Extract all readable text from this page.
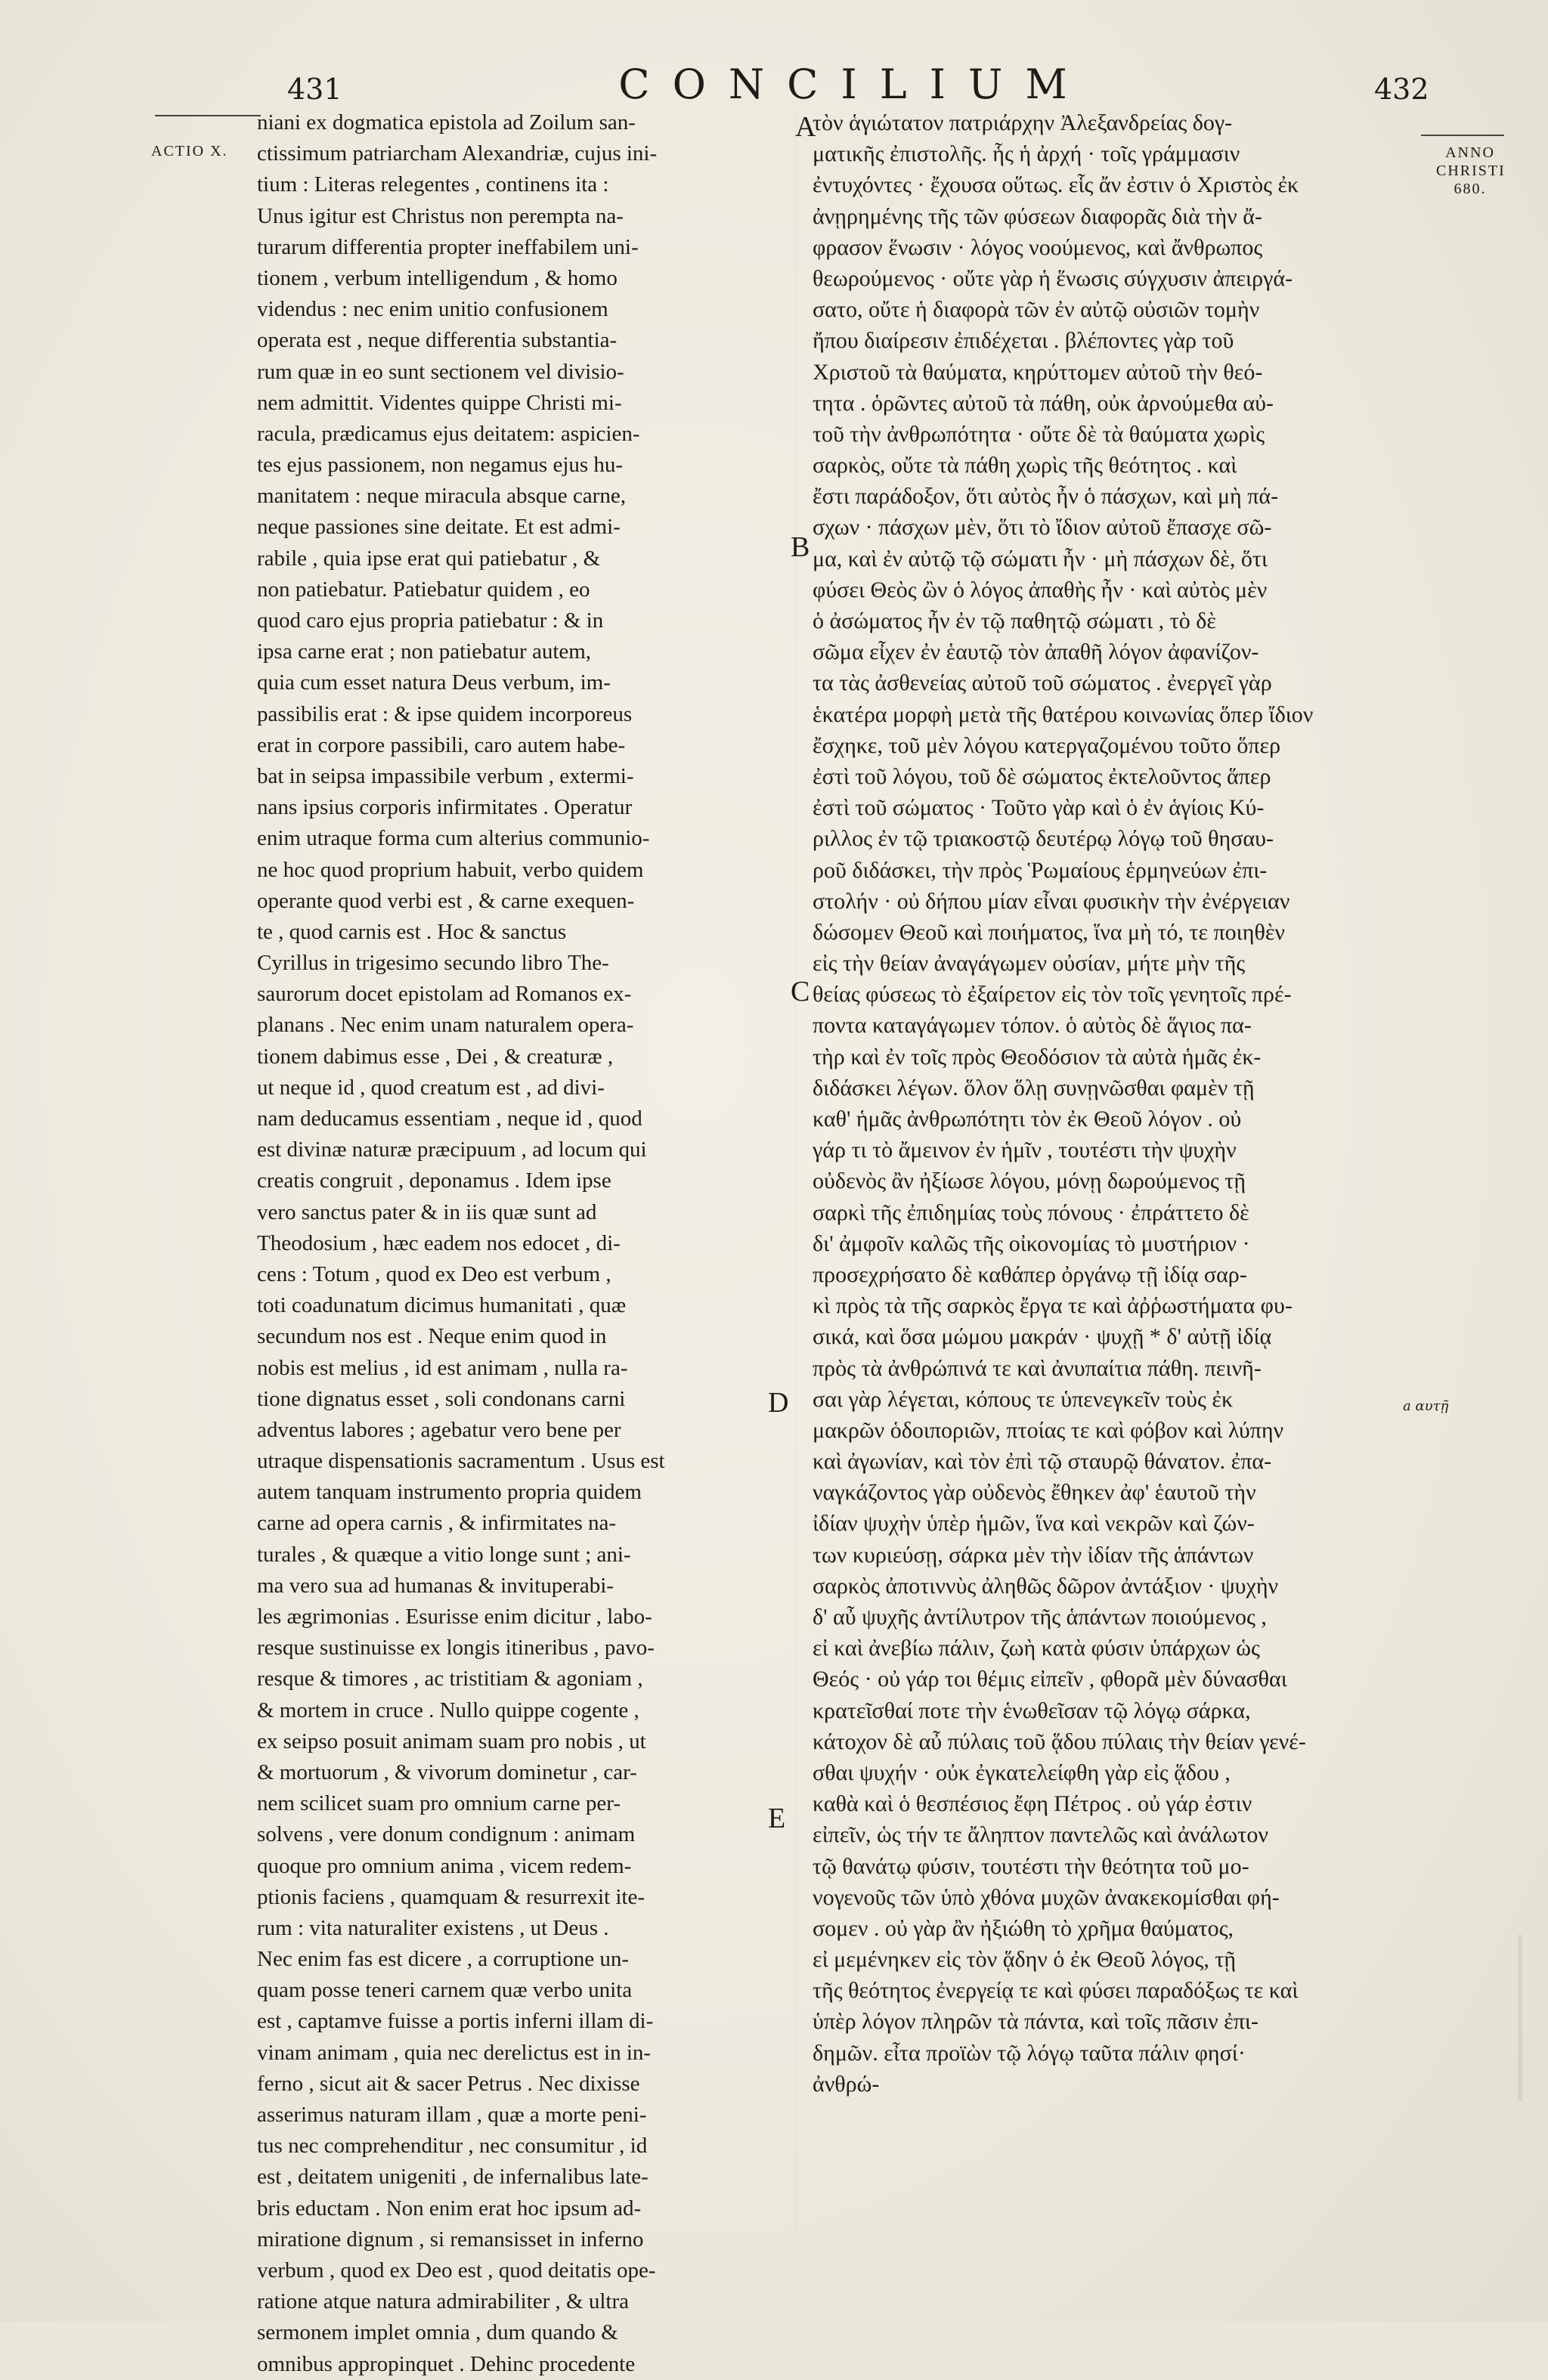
431	CONCILIUM	432
ACTIO X.	ANNO
CHRISTI
680.
niani ex dogmatica epistola ad Zoilum san-
ctissimum patriarcham Alexandriæ, cujus ini-
tium : Literas relegentes , continens ita :
Unus igitur est Christus non perempta na-
turarum differentia propter ineffabilem uni-
tionem , verbum intelligendum , & homo
videndus : nec enim unitio confusionem
operata est , neque differentia substantia-
rum quæ in eo sunt sectionem vel divisio-
nem admittit. Videntes quippe Christi mi-
racula, prædicamus ejus deitatem: aspicien-
tes ejus passionem, non negamus ejus hu-
manitatem : neque miracula absque carne,
neque passiones sine deitate. Et est admi-
rabile , quia ipse erat qui patiebatur , &
non patiebatur. Patiebatur quidem , eo
quod caro ejus propria patiebatur : & in
ipsa carne erat ; non patiebatur autem,
quia cum esset natura Deus verbum, im-
passibilis erat : & ipse quidem incorporeus
erat in corpore passibili, caro autem habe-
bat in seipsa impassibile verbum , extermi-
nans ipsius corporis infirmitates . Operatur
enim utraque forma cum alterius communio-
ne hoc quod proprium habuit, verbo quidem
operante quod verbi est , & carne exequen-
te , quod carnis est . Hoc & sanctus
Cyrillus in trigesimo secundo libro The-
saurorum docet epistolam ad Romanos ex-
planans . Nec enim unam naturalem opera-
tionem dabimus esse , Dei , & creaturæ ,
ut neque id , quod creatum est , ad divi-
nam deducamus essentiam , neque id , quod
est divinæ naturæ præcipuum , ad locum qui
creatis congruit , deponamus . Idem ipse
vero sanctus pater & in iis quæ sunt ad
Theodosium , hæc eadem nos edocet , di-
cens : Totum , quod ex Deo est verbum ,
toti coadunatum dicimus humanitati , quæ
secundum nos est . Neque enim quod in
nobis est melius , id est animam , nulla ra-
tione dignatus esset , soli condonans carni
adventus labores ; agebatur vero bene per
utraque dispensationis sacramentum . Usus est
autem tanquam instrumento propria quidem
carne ad opera carnis , & infirmitates na-
turales , & quæque a vitio longe sunt ; ani-
ma vero sua ad humanas & invituperabi-
les ægrimonias . Esurisse enim dicitur , labo-
resque sustinuisse ex longis itineribus , pavo-
resque & timores , ac tristitiam & agoniam ,
& mortem in cruce . Nullo quippe cogente ,
ex seipso posuit animam suam pro nobis , ut
& mortuorum , & vivorum dominetur , car-
nem scilicet suam pro omnium carne per-
solvens , vere donum condignum : animam
quoque pro omnium anima , vicem redem-
ptionis faciens , quamquam & resurrexit ite-
rum : vita naturaliter existens , ut Deus .
Nec enim fas est dicere , a corruptione un-
quam posse teneri carnem quæ verbo unita
est , captamve fuisse a portis inferni illam di-
vinam animam , quia nec derelictus est in in-
ferno , sicut ait & sacer Petrus . Nec dixisse
asserimus naturam illam , quæ a morte peni-
tus nec comprehenditur , nec consumitur , id
est , deitatem unigeniti , de infernalibus late-
bris eductam . Non enim erat hoc ipsum ad-
miratione dignum , si remansisset in inferno
verbum , quod ex Deo est , quod deitatis ope-
ratione atque natura admirabiliter , & ultra
sermonem implet omnia , dum quando &
omnibus appropinquet . Dehinc procedente
τὸν ἁγιώτατον πατριάρχην Ἀλεξανδρείας δογ-
ματικῆς ἐπιστολῆς. ἧς ἡ ἀρχή · τοῖς γράμμασιν
ἐντυχόντες · ἔχουσα οὕτως. εἷς ἄν ἐστιν ὁ Χριστὸς ἐκ
ἀνῃρημένης τῆς τῶν φύσεων διαφορᾶς διὰ τὴν ἄ-
φρασον ἕνωσιν · λόγος νοούμενος, καὶ ἄνθρωπος
θεωρούμενος · οὔτε γὰρ ἡ ἕνωσις σύγχυσιν ἀπειργά-
σατο, οὔτε ἡ διαφορὰ τῶν ἐν αὐτῷ οὐσιῶν τομὴν
ἤπου διαίρεσιν ἐπιδέχεται . βλέποντες γὰρ τοῦ
Χριστοῦ τὰ θαύματα, κηρύττομεν αὐτοῦ τὴν θεό-
τητα . ὁρῶντες αὐτοῦ τὰ πάθη, οὐκ ἀρνούμεθα αὐ-
τοῦ τὴν ἀνθρωπότητα · οὔτε δὲ τὰ θαύματα χωρὶς
σαρκὸς, οὔτε τὰ πάθη χωρὶς τῆς θεότητος . καὶ
ἔστι παράδοξον, ὅτι αὐτὸς ἦν ὁ πάσχων, καὶ μὴ πά-
σχων · πάσχων μὲν, ὅτι τὸ ἴδιον αὐτοῦ ἔπασχε σῶ-
μα, καὶ ἐν αὐτῷ τῷ σώματι ἦν · μὴ πάσχων δὲ, ὅτι
φύσει Θεὸς ὢν ὁ λόγος ἀπαθὴς ἦν · καὶ αὐτὸς μὲν
ὁ ἀσώματος ἦν ἐν τῷ παθητῷ σώματι , τὸ δὲ
σῶμα εἶχεν ἐν ἑαυτῷ τὸν ἀπαθῆ λόγον ἀφανίζον-
τα τὰς ἀσθενείας αὐτοῦ τοῦ σώματος . ἐνεργεῖ γὰρ
ἑκατέρα μορφὴ μετὰ τῆς θατέρου κοινωνίας ὅπερ ἴδιον
ἔσχηκε, τοῦ μὲν λόγου κατεργαζομένου τοῦτο ὅπερ
ἐστὶ τοῦ λόγου, τοῦ δὲ σώματος ἐκτελοῦντος ἅπερ
ἐστὶ τοῦ σώματος · Τοῦτο γὰρ καὶ ὁ ἐν ἁγίοις Κύ-
ριλλος ἐν τῷ τριακοστῷ δευτέρῳ λόγῳ τοῦ θησαυ-
ροῦ διδάσκει, τὴν πρὸς Ῥωμαίους ἑρμηνεύων ἐπι-
στολήν · οὐ δήπου μίαν εἶναι φυσικὴν τὴν ἐνέργειαν
δώσομεν Θεοῦ καὶ ποιήματος, ἵνα μὴ τό, τε ποιηθὲν
εἰς τὴν θείαν ἀναγάγωμεν οὐσίαν, μήτε μὴν τῆς
θείας φύσεως τὸ ἐξαίρετον εἰς τὸν τοῖς γενητοῖς πρέ-
ποντα καταγάγωμεν τόπον. ὁ αὐτὸς δὲ ἅγιος πα-
τὴρ καὶ ἐν τοῖς πρὸς Θεοδόσιον τὰ αὐτὰ ἡμᾶς ἐκ-
διδάσκει λέγων. ὅλον ὅλῃ συνῃνῶσθαι φαμὲν τῇ
καθ' ἡμᾶς ἀνθρωπότητι τὸν ἐκ Θεοῦ λόγον . οὐ
γάρ τι τὸ ἄμεινον ἐν ἡμῖν , τουτέστι τὴν ψυχὴν
οὐδενὸς ἂν ἠξίωσε λόγου, μόνῃ δωρούμενος τῇ
σαρκὶ τῆς ἐπιδημίας τοὺς πόνους · ἐπράττετο δὲ
δι' ἀμφοῖν καλῶς τῆς οἰκονομίας τὸ μυστήριον ·
προσεχρήσατο δὲ καθάπερ ὀργάνῳ τῇ ἰδίᾳ σαρ-
κὶ πρὸς τὰ τῆς σαρκὸς ἔργα τε καὶ ἀῤῥωστήματα φυ-
σικά, καὶ ὅσα μώμου μακράν · ψυχῇ * δ' αὐτῇ ἰδίᾳ
πρὸς τὰ ἀνθρώπινά τε καὶ ἀνυπαίτια πάθη. πεινῆ-
σαι γὰρ λέγεται, κόπους τε ὑπενεγκεῖν τοὺς ἐκ
μακρῶν ὁδοιποριῶν, πτοίας τε καὶ φόβον καὶ λύπην
καὶ ἀγωνίαν, καὶ τὸν ἐπὶ τῷ σταυρῷ θάνατον. ἐπα-
ναγκάζοντος γὰρ οὐδενὸς ἔθηκεν ἀφ' ἑαυτοῦ τὴν
ἰδίαν ψυχὴν ὑπὲρ ἡμῶν, ἵνα καὶ νεκρῶν καὶ ζών-
των κυριεύσῃ, σάρκα μὲν τὴν ἰδίαν τῆς ἁπάντων
σαρκὸς ἀποτιννὺς ἀληθῶς δῶρον ἀντάξιον · ψυχὴν
δ' αὖ ψυχῆς ἀντίλυτρον τῆς ἁπάντων ποιούμενος ,
εἰ καὶ ἀνεβίω πάλιν, ζωὴ κατὰ φύσιν ὑπάρχων ὡς
Θεός · οὐ γάρ τοι θέμις εἰπεῖν , φθορᾶ μὲν δύνασθαι
κρατεῖσθαί ποτε τὴν ἑνωθεῖσαν τῷ λόγῳ σάρκα,
κάτοχον δὲ αὖ πύλαις τοῦ ᾅδου πύλαις τὴν θείαν γενέ-
σθαι ψυχήν · οὐκ ἐγκατελείφθη γὰρ εἰς ᾅδου ,
καθὰ καὶ ὁ θεσπέσιος ἔφη Πέτρος . οὐ γάρ ἐστιν
εἰπεῖν, ὡς τήν τε ἄληπτον παντελῶς καὶ ἀνάλωτον
τῷ θανάτῳ φύσιν, τουτέστι τὴν θεότητα τοῦ μο-
νογενοῦς τῶν ὑπὸ χθόνα μυχῶν ἀνακεκομίσθαι φή-
σομεν . οὐ γὰρ ἂν ἠξιώθη τὸ χρῆμα θαύματος,
εἰ μεμένηκεν εἰς τὸν ᾅδην ὁ ἐκ Θεοῦ λόγος, τῇ
τῆς θεότητος ἐνεργείᾳ τε καὶ φύσει παραδόξως τε καὶ
ὑπὲρ λόγον πληρῶν τὰ πάντα, καὶ τοῖς πᾶσιν ἐπι-
δημῶν. εἶτα προϊὼν τῷ λόγῳ ταῦτα πάλιν φησί·
ἀνθρώ-
A
B
C
D
E
a αυτῇ
